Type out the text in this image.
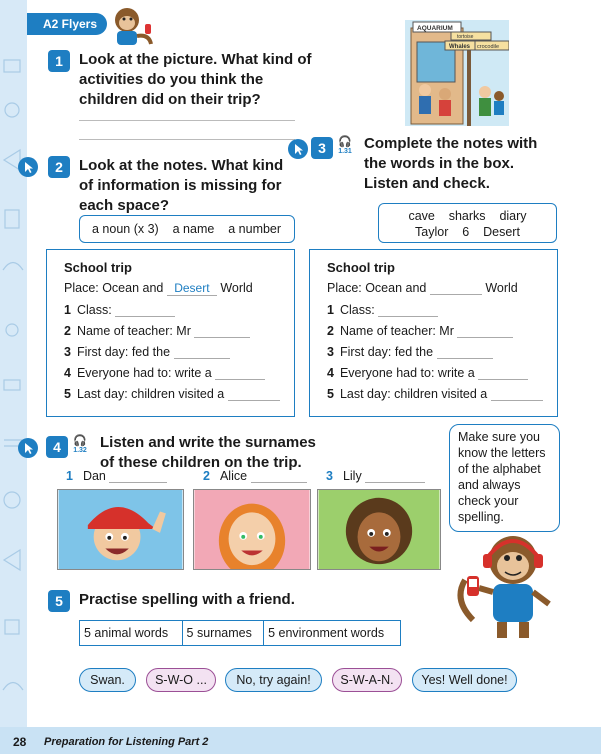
A2 Flyers
1	Look at the picture. What kind of activities do you think the children did on their trip?
AQUARIUM
tortoise
Whales crocodile
2	Look at the notes. What kind of information is missing for each space?
a noun (x 3) a name a number
3	🎧
1.31 Complete the notes with the words in the box. Listen and check.
cave    sharks    diary
Taylor    6    Desert
School trip
Place: Ocean and Desert World
1 Class:
2 Name of teacher: Mr
3 First day: fed the
4 Everyone had to: write a
5 Last day: children visited a
School trip
Place: Ocean and	World
1 Class:
2 Name of teacher: Mr
3 First day: fed the
4 Everyone had to: write a
5 Last day: children visited a
4	🎧
1.32 Listen and write the surnames of these children on the trip.
1 Dan	2 Alice	3 Lily
Make sure you know the letters of the alphabet and always check your spelling.
5	Practise spelling with a friend.
5 animal words	5 surnames	5 environment words
Swan.	S-W-O ...	No, try again!	S-W-A-N.	Yes! Well done!
28 Preparation for Listening Part 2
